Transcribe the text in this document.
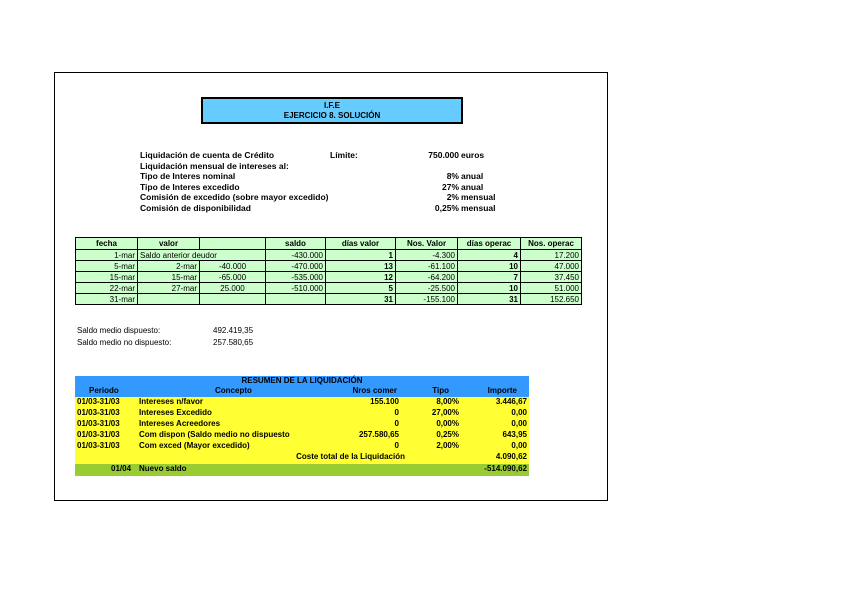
I.F.E
EJERCICIO 8. SOLUCIÓN
Liquidación de cuenta de Crédito	Límite:	750.000 euros
Liquidación mensual de intereses al:
Tipo de Interes nominal	8% anual
Tipo de Interes excedido	27% anual
Comisión de excedido (sobre mayor excedido)	2% mensual
Comisión de disponibilidad	0,25% mensual
fecha	valor		saldo	días valor	Nos. Valor	días operac	Nos. operac
1-mar	Saldo anterior deudor		-430.000	1	-4.300	4	17.200
5-mar	2-mar	-40.000	-470.000	13	-61.100	10	47.000
15-mar	15-mar	-65.000	-535.000	12	-64.200	7	37.450
22-mar	27-mar	25.000	-510.000	5	-25.500	10	51.000
31-mar				31	-155.100	31	152.650
Saldo medio dispuesto:	492.419,35
Saldo medio no dispuesto:	257.580,65
RESUMEN DE LA LIQUIDACIÓN
Periodo	Concepto	Nros comer	Tipo	Importe
01/03-31/03 Intereses n/favor	155.100	8,00%	3.446,67
01/03-31/03 Intereses Excedido	0	27,00%	0,00
01/03-31/03 Intereses Acreedores	0	0,00%	0,00
01/03-31/03 Com dispon (Saldo medio no dispuesto	257.580,65	0,25%	643,95
01/03-31/03 Com exced (Mayor excedido)	0	2,00%	0,00
Coste total de la Liquidación	4.090,62
01/04 Nuevo saldo	-514.090,62
